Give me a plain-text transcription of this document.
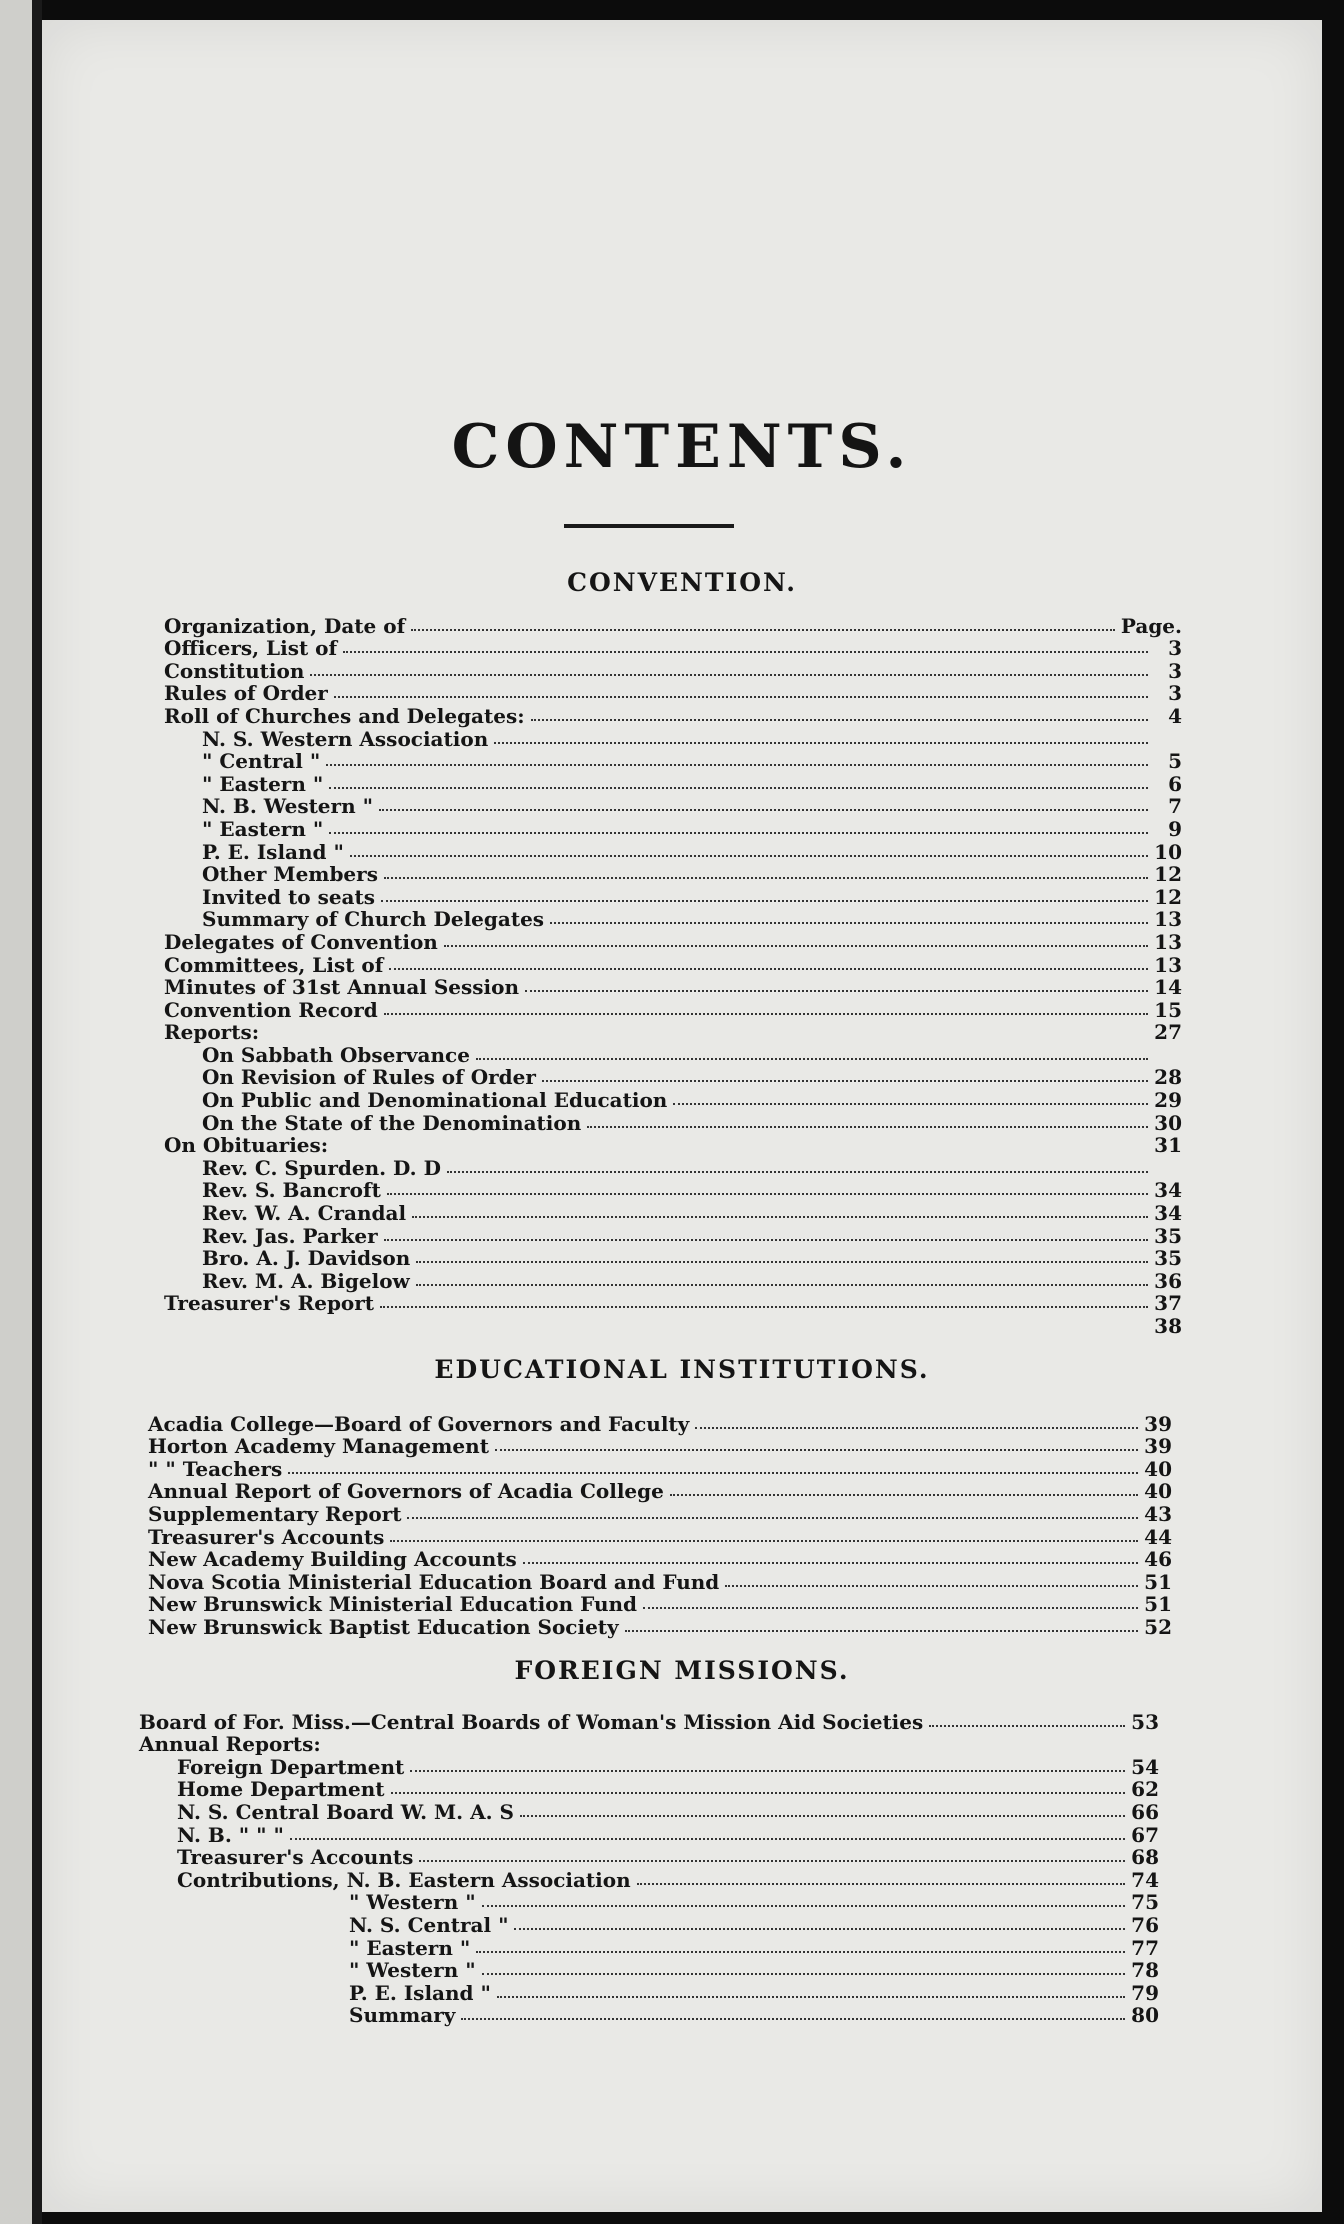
CONTENTS.
CONVENTION.
Organization, Date of	Page.
Officers, List of	3
Constitution	3
Rules of Order	3
Roll of Churches and Delegates:	4
N. S. Western Association
" Central "	5
" Eastern "	6
N. B. Western "	7
" Eastern "	9
P. E. Island "	10
Other Members	12
Invited to seats	12
Summary of Church Delegates	13
Delegates of Convention	13
Committees, List of	13
Minutes of 31st Annual Session	14
Convention Record	15
Reports:	27
On Sabbath Observance
On Revision of Rules of Order	28
On Public and Denominational Education	29
On the State of the Denomination	30
On Obituaries:	31
Rev. C. Spurden. D. D
Rev. S. Bancroft	34
Rev. W. A. Crandal	34
Rev. Jas. Parker	35
Bro. A. J. Davidson	35
Rev. M. A. Bigelow	36
Treasurer's Report	37
38
EDUCATIONAL INSTITUTIONS.
Acadia College—Board of Governors and Faculty	39
Horton Academy Management	39
" " Teachers	40
Annual Report of Governors of Acadia College	40
Supplementary Report	43
Treasurer's Accounts	44
New Academy Building Accounts	46
Nova Scotia Ministerial Education Board and Fund	51
New Brunswick Ministerial Education Fund	51
New Brunswick Baptist Education Society	52
FOREIGN MISSIONS.
Board of For. Miss.—Central Boards of Woman's Mission Aid Societies	53
Annual Reports:
Foreign Department	54
Home Department	62
N. S. Central Board W. M. A. S	66
N. B. " " "	67
Treasurer's Accounts	68
Contributions, N. B. Eastern Association	74
" Western "	75
N. S. Central "	76
" Eastern "	77
" Western "	78
P. E. Island "	79
Summary	80
